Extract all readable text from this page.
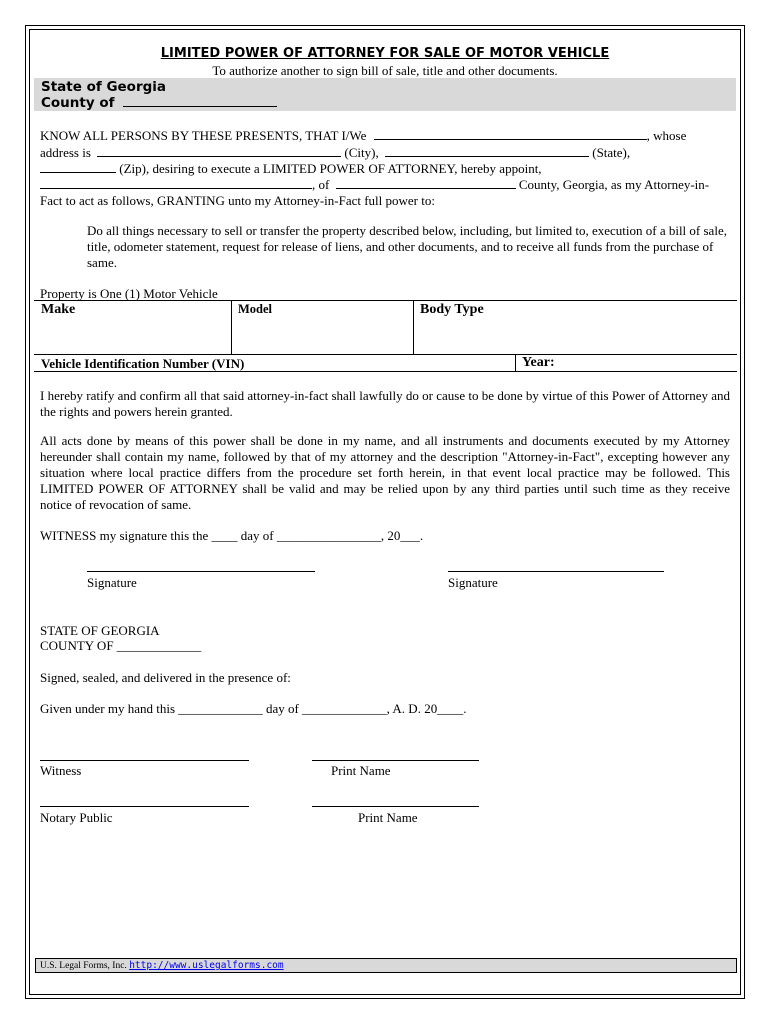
LIMITED POWER OF ATTORNEY FOR SALE OF MOTOR VEHICLE
To authorize another to sign bill of sale, title and other documents.
State of Georgia
County of
KNOW ALL PERSONS BY THESE PRESENTS, THAT I/We	, whose
address is	(City),	(State),
(Zip), desiring to execute a LIMITED POWER OF ATTORNEY, hereby appoint,
, of	County, Georgia, as my Attorney-in-
Fact to act as follows, GRANTING unto my Attorney-in-Fact full power to:
Do all things necessary to sell or transfer the property described below, including, but limited to, execution of a bill of sale, title, odometer statement, request for release of liens, and other documents, and to receive all funds from the purchase of same.
Property is One (1) Motor Vehicle
Make	Model	Body Type
Vehicle Identification Number (VIN)	Year:
I hereby ratify and confirm all that said attorney-in-fact shall lawfully do or cause to be done by virtue of this Power of Attorney and the rights and powers herein granted.
All acts done by means of this power shall be done in my name, and all instruments and documents executed by my Attorney hereunder shall contain my name, followed by that of my attorney and the description "Attorney-in-Fact", excepting however any situation where local practice differs from the procedure set forth herein, in that event local practice may be followed. This LIMITED POWER OF ATTORNEY shall be valid and may be relied upon by any third parties until such time as they receive notice of revocation of same.
WITNESS my signature this the ____ day of ________________, 20___.
Signature	Signature
STATE OF GEORGIA
COUNTY OF _____________
Signed, sealed, and delivered in the presence of:
Given under my hand this _____________ day of _____________, A. D. 20____.
Witness	Print Name
Notary Public	Print Name
U.S. Legal Forms, Inc. http://www.uslegalforms.com
